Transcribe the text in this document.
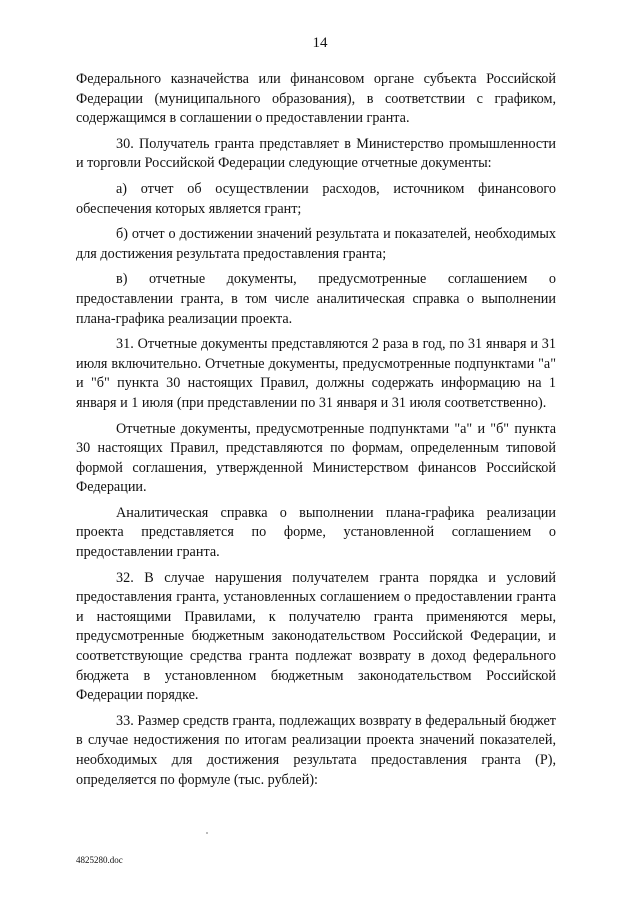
14

Федерального казначейства или финансовом органе субъекта Российской Федерации (муниципального образования), в соответствии с графиком, содержащимся в соглашении о предоставлении гранта.

30. Получатель гранта представляет в Министерство промышленности и торговли Российской Федерации следующие отчетные документы:

а) отчет об осуществлении расходов, источником финансового обеспечения которых является грант;

б) отчет о достижении значений результата и показателей, необходимых для достижения результата предоставления гранта;

в) отчетные документы, предусмотренные соглашением о предоставлении гранта, в том числе аналитическая справка о выполнении плана-графика реализации проекта.

31. Отчетные документы представляются 2 раза в год, по 31 января и 31 июля включительно. Отчетные документы, предусмотренные подпунктами "а" и "б" пункта 30 настоящих Правил, должны содержать информацию на 1 января и 1 июля (при представлении по 31 января и 31 июля соответственно).

Отчетные документы, предусмотренные подпунктами "а" и "б" пункта 30 настоящих Правил, представляются по формам, определенным типовой формой соглашения, утвержденной Министерством финансов Российской Федерации.

Аналитическая справка о выполнении плана-графика реализации проекта представляется по форме, установленной соглашением о предоставлении гранта.

32. В случае нарушения получателем гранта порядка и условий предоставления гранта, установленных соглашением о предоставлении гранта и настоящими Правилами, к получателю гранта применяются меры, предусмотренные бюджетным законодательством Российской Федерации, и соответствующие средства гранта подлежат возврату в доход федерального бюджета в установленном бюджетным законодательством Российской Федерации порядке.

33. Размер средств гранта, подлежащих возврату в федеральный бюджет в случае недостижения по итогам реализации проекта значений показателей, необходимых для достижения результата предоставления гранта (Р), определяется по формуле (тыс. рублей):

4825280.doc
